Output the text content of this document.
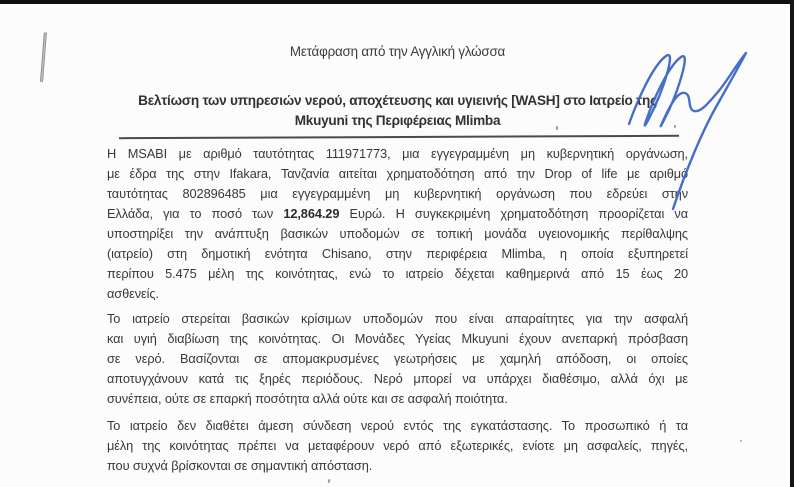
Μετάφραση από την Αγγλική γλώσσα
Βελτίωση των υπηρεσιών νερού, αποχέτευσης και υγιεινής [WASH] στο Ιατρείο της
Mkuyuni της Περιφέρειας Mlimba
Η MSABI με αριθμό ταυτότητας 111971773, μια εγγεγραμμένη μη κυβερνητική οργάνωση,
με έδρα της στην Ifakara, Τανζανία αιτείται χρηματοδότηση από την Drop of life με αριθμό
ταυτότητας 802896485 μια εγγεγραμμένη μη κυβερνητική οργάνωση που εδρεύει στην
Ελλάδα, για το ποσό των 12,864.29 Ευρώ. Η συγκεκριμένη χρηματοδότηση προορίζεται να
υποστηρίξει την ανάπτυξη βασικών υποδομών σε τοπική μονάδα υγειονομικής περίθαλψης
(ιατρείο) στη δημοτική ενότητα Chisano, στην περιφέρεια Mlimba, η οποία εξυπηρετεί
περίπου 5.475 μέλη της κοινότητας, ενώ το ιατρείο δέχεται καθημερινά από 15 έως 20
ασθενείς.
Το ιατρείο στερείται βασικών κρίσιμων υποδομών που είναι απαραίτητες για την ασφαλή
και υγιή διαβίωση της κοινότητας. Οι Μονάδες Υγείας Mkuyuni έχουν ανεπαρκή πρόσβαση
σε νερό. Βασίζονται σε απομακρυσμένες γεωτρήσεις με χαμηλή απόδοση, οι οποίες
αποτυγχάνουν κατά τις ξηρές περιόδους. Νερό μπορεί να υπάρχει διαθέσιμο, αλλά όχι με
συνέπεια, ούτε σε επαρκή ποσότητα αλλά ούτε και σε ασφαλή ποιότητα.
Το ιατρείο δεν διαθέτει άμεση σύνδεση νερού εντός της εγκατάστασης. Το προσωπικό ή τα
μέλη της κοινότητας πρέπει να μεταφέρουν νερό από εξωτερικές, ενίοτε μη ασφαλείς, πηγές,
που συχνά βρίσκονται σε σημαντική απόσταση.
